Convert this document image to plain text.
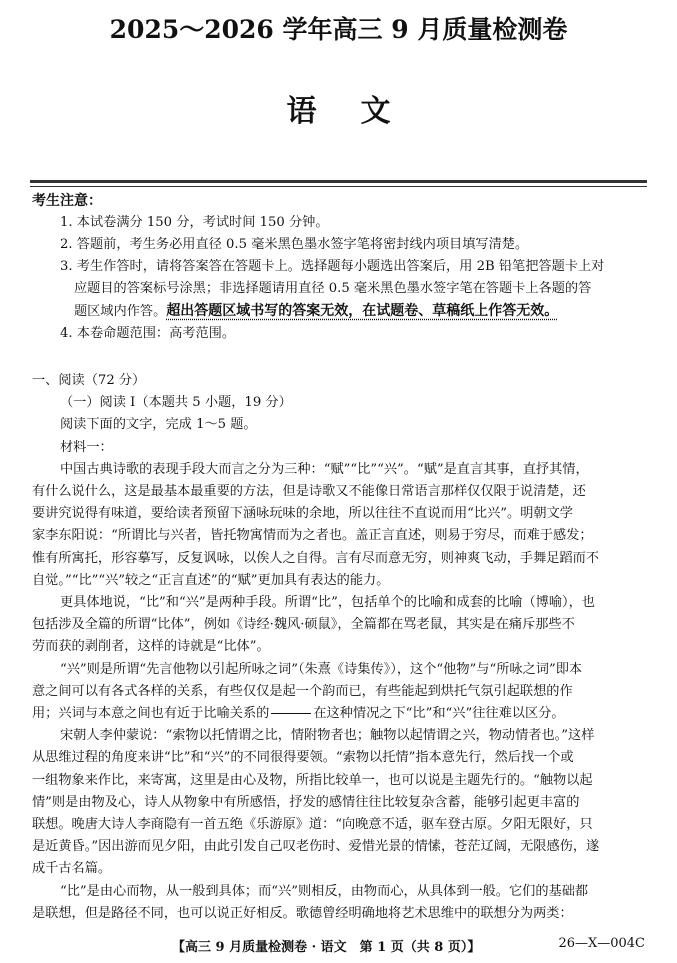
2025～2026 学年高三 9 月质量检测卷
语文
考生注意：
1. 本试卷满分 150 分，考试时间 150 分钟。
2. 答题前，考生务必用直径 0.5 毫米黑色墨水签字笔将密封线内项目填写清楚。
3. 考生作答时，请将答案答在答题卡上。选择题每小题选出答案后，用 2B 铅笔把答题卡上对
应题目的答案标号涂黑；非选择题请用直径 0.5 毫米黑色墨水签字笔在答题卡上各题的答
题区域内作答。超出答题区域书写的答案无效，在试题卷、草稿纸上作答无效。
4. 本卷命题范围：高考范围。
一、阅读（72 分）
（一）阅读 Ⅰ（本题共 5 小题，19 分）
阅读下面的文字，完成 1～5 题。
材料一：
中国古典诗歌的表现手段大而言之分为三种：“赋”“比”“兴”。“赋”是直言其事，直抒其情，
有什么说什么，这是最基本最重要的方法，但是诗歌又不能像日常语言那样仅仅限于说清楚，还
要讲究说得有味道，要给读者预留下涵咏玩味的余地，所以往往不直说而用“比兴”。明朝文学
家李东阳说：“所谓比与兴者，皆托物寓情而为之者也。盖正言直述，则易于穷尽，而难于感发；
惟有所寓托，形容摹写，反复讽咏，以俟人之自得。言有尽而意无穷，则神爽飞动，手舞足蹈而不
自觉。”“比”“兴”较之“正言直述”的“赋”更加具有表达的能力。
更具体地说，“比”和“兴”是两种手段。所谓“比”，包括单个的比喻和成套的比喻（博喻），也
包括涉及全篇的所谓“比体”，例如《诗经·魏风·硕鼠》，全篇都在骂老鼠，其实是在痛斥那些不
劳而获的剥削者，这样的诗就是“比体”。
“兴”则是所谓“先言他物以引起所咏之词”（朱熹《诗集传》），这个“他物”与“所咏之词”即本
意之间可以有各式各样的关系，有些仅仅是起一个韵而已，有些能起到烘托气氛引起联想的作
用；兴词与本意之间也有近于比喻关系的	在这种情况之下“比”和“兴”往往难以区分。
宋朝人李仲蒙说：“索物以托情谓之比，情附物者也；触物以起情谓之兴，物动情者也。”这样
从思维过程的角度来讲“比”和“兴”的不同很得要领。“索物以托情”指本意先行，然后找一个或
一组物象来作比，来寄寓，这里是由心及物，所指比较单一，也可以说是主题先行的。“触物以起
情”则是由物及心，诗人从物象中有所感悟，抒发的感情往往比较复杂含蓄，能够引起更丰富的
联想。晚唐大诗人李商隐有一首五绝《乐游原》道：“向晚意不适，驱车登古原。夕阳无限好，只
是近黄昏。”因出游而见夕阳，由此引发自己叹老伤时、爱惜光景的情愫，苍茫辽阔，无限感伤，遂
成千古名篇。
“比”是由心而物，从一般到具体；而“兴”则相反，由物而心，从具体到一般。它们的基础都
是联想，但是路径不同，也可以说正好相反。歌德曾经明确地将艺术思维中的联想分为两类：
【高三 9 月质量检测卷 · 语文　第 1 页（共 8 页）】	26—X—004C
